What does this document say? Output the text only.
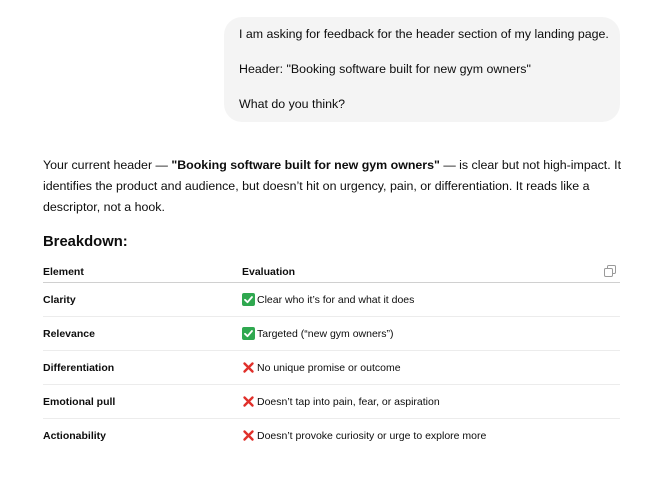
I am asking for feedback for the header section of my landing page.

Header: "Booking software built for new gym owners"

What do you think?

Your current header — "Booking software built for new gym owners" — is clear but not high-impact. It identifies the product and audience, but doesn’t hit on urgency, pain, or differentiation. It reads like a descriptor, not a hook.
Breakdown:
Element	Evaluation
Clarity	Clear who it’s for and what it does
Relevance	Targeted (“new gym owners”)
Differentiation	No unique promise or outcome
Emotional pull	Doesn’t tap into pain, fear, or aspiration
Actionability	Doesn’t provoke curiosity or urge to explore more
